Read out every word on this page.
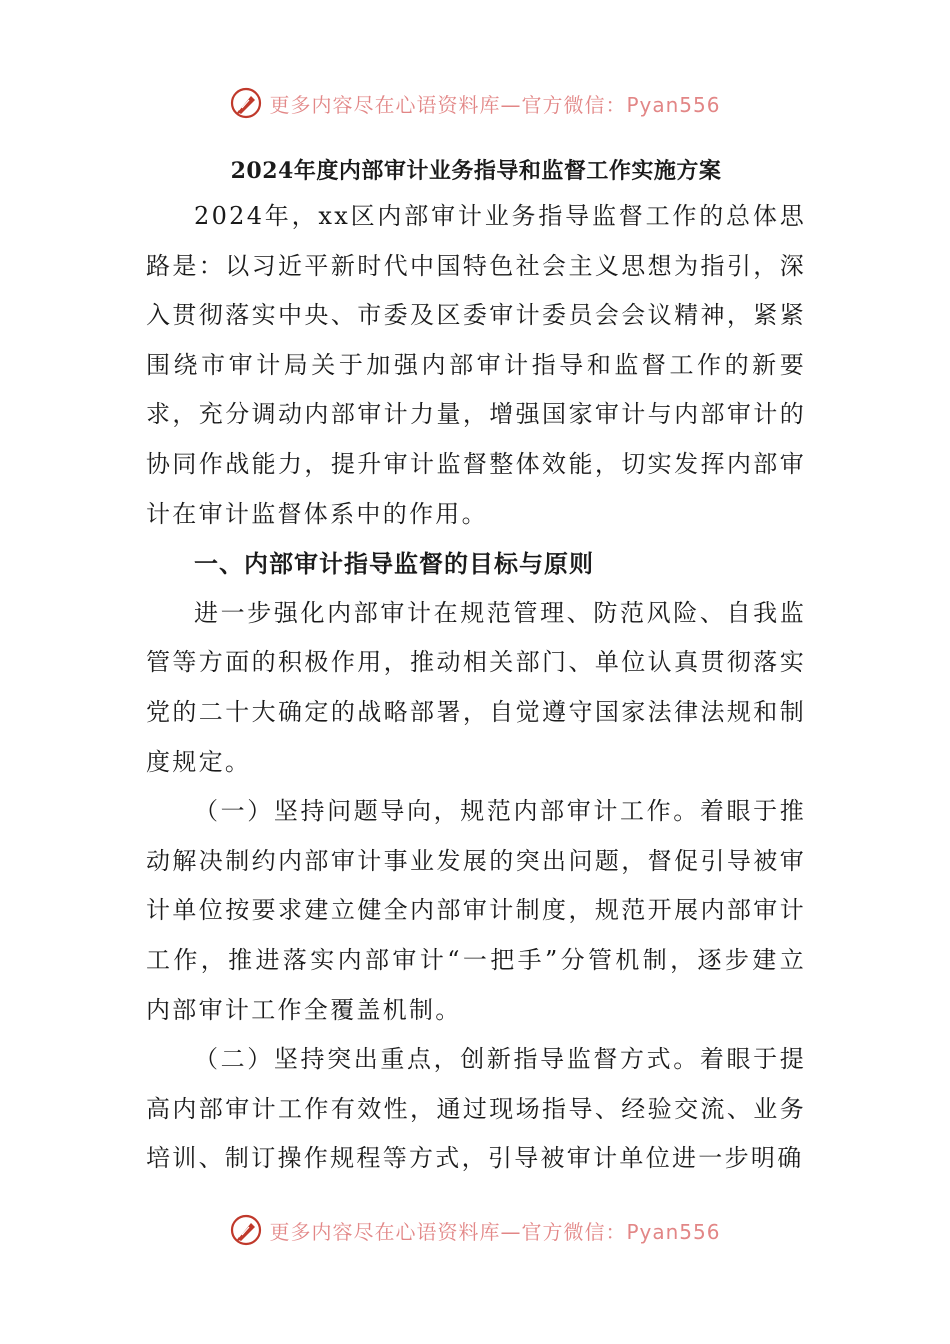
更多内容尽在心语资料库—官方微信：Pyan556
2024年度内部审计业务指导和监督工作实施方案

2024年，xx区内部审计业务指导监督工作的总体思路是：以习近平新时代中国特色社会主义思想为指引，深入贯彻落实中央、市委及区委审计委员会会议精神，紧紧围绕市审计局关于加强内部审计指导和监督工作的新要求，充分调动内部审计力量，增强国家审计与内部审计的协同作战能力，提升审计监督整体效能，切实发挥内部审计在审计监督体系中的作用。

一、内部审计指导监督的目标与原则

进一步强化内部审计在规范管理、防范风险、自我监管等方面的积极作用，推动相关部门、单位认真贯彻落实党的二十大确定的战略部署，自觉遵守国家法律法规和制度规定。

（一）坚持问题导向，规范内部审计工作。着眼于推动解决制约内部审计事业发展的突出问题，督促引导被审计单位按要求建立健全内部审计制度，规范开展内部审计工作，推进落实内部审计“一把手”分管机制，逐步建立内部审计工作全覆盖机制。

（二）坚持突出重点，创新指导监督方式。着眼于提高内部审计工作有效性，通过现场指导、经验交流、业务培训、制订操作规程等方式，引导被审计单位进一步明确

更多内容尽在心语资料库—官方微信：Pyan556
